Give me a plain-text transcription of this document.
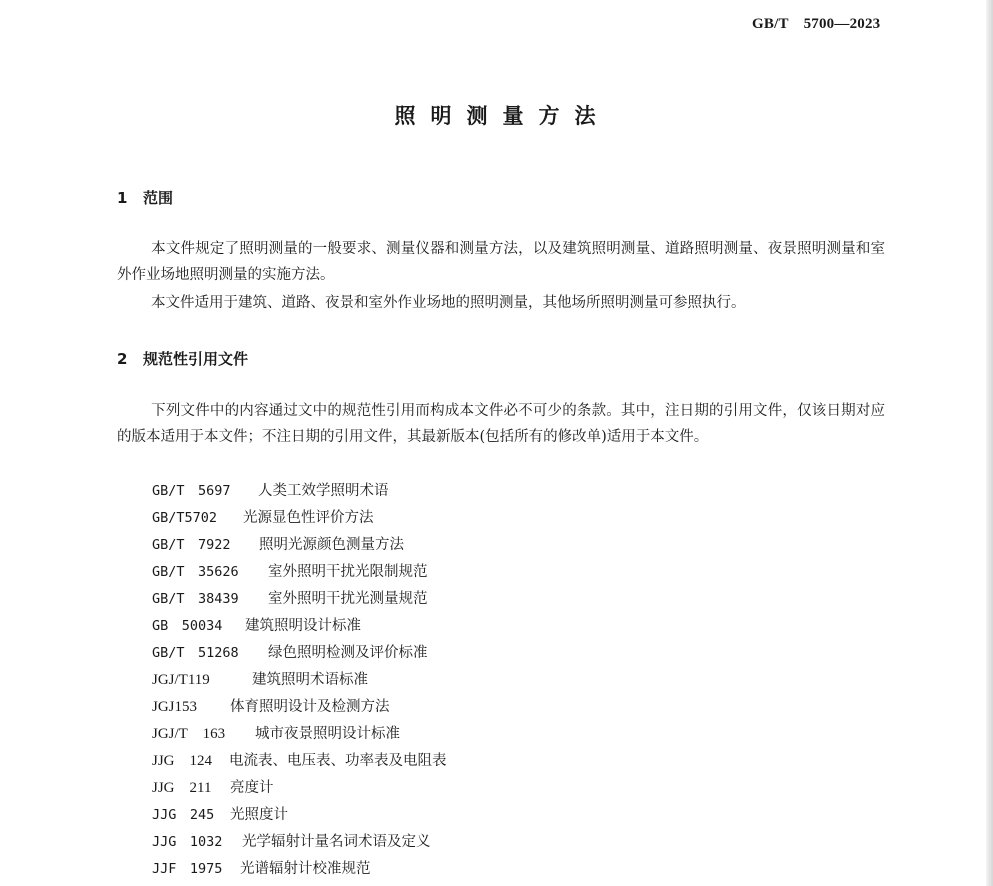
GB/T　5700—2023
照明测量方法
1 范围
本文件规定了照明测量的一般要求、测量仪器和测量方法，以及建筑照明测量、道路照明测量、夜景照明测量和室外作业场地照明测量的实施方法。
本文件适用于建筑、道路、夜景和室外作业场地的照明测量，其他场所照明测量可参照执行。
2 规范性引用文件
下列文件中的内容通过文中的规范性引用而构成本文件必不可少的条款。其中，注日期的引用文件，仅该日期对应的版本适用于本文件；不注日期的引用文件，其最新版本(包括所有的修改单)适用于本文件。
GB/T　5697 人类工效学照明术语
GB/T5702 光源显色性评价方法
GB/T　7922 照明光源颜色测量方法
GB/T　35626 室外照明干扰光限制规范
GB/T　38439 室外照明干扰光测量规范
GB　50034 建筑照明设计标准
GB/T　51268 绿色照明检测及评价标准
JGJ/T119	建筑照明术语标准
JGJ153 体育照明设计及检测方法
JGJ/T　163 城市夜景照明设计标准
JJG　124 电流表、电压表、功率表及电阻表
JJG　211 亮度计
JJG　245 光照度计
JJG　1032 光学辐射计量名词术语及定义
JJF　1975 光谱辐射计校准规范
